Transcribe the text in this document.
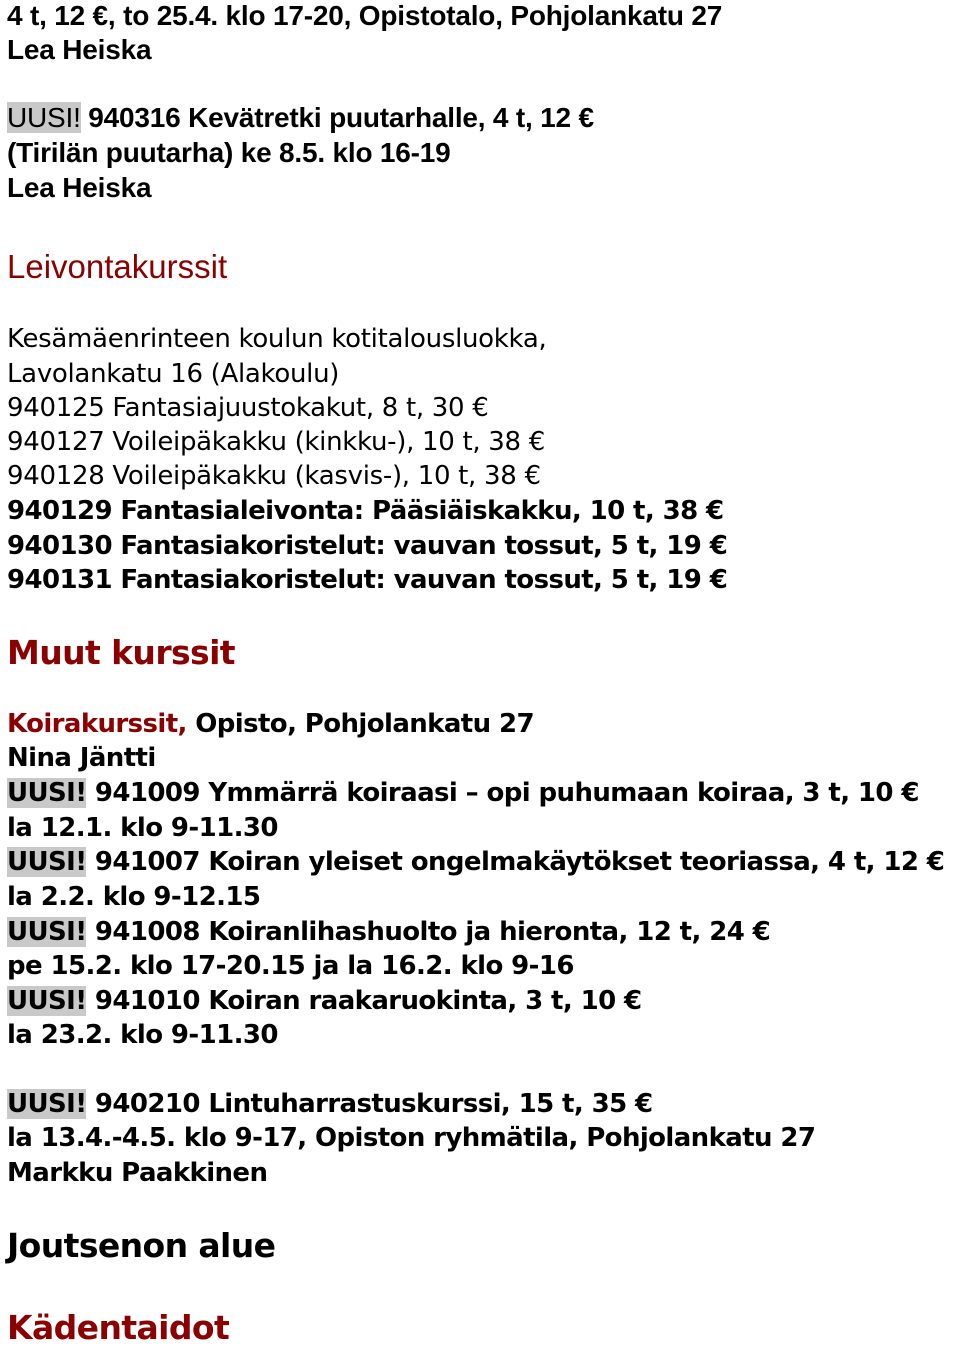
4 t, 12 €, to 25.4. klo 17-20, Opistotalo, Pohjolankatu 27
Lea Heiska
UUSI! 940316 Kevätretki puutarhalle, 4 t, 12 €
(Tirilän puutarha) ke 8.5. klo 16-19
Lea Heiska
Leivontakurssit
Kesämäenrinteen koulun kotitalousluokka,
Lavolankatu 16 (Alakoulu)
940125 Fantasiajuustokakut, 8 t, 30 €
940127 Voileipäkakku (kinkku-), 10 t, 38 €
940128 Voileipäkakku (kasvis-), 10 t, 38 €
940129 Fantasialeivonta: Pääsiäiskakku, 10 t, 38 €
940130 Fantasiakoristelut: vauvan tossut, 5 t, 19 €
940131 Fantasiakoristelut: vauvan tossut, 5 t, 19 €
Muut kurssit
Koirakurssit, Opisto, Pohjolankatu 27
Nina Jäntti
UUSI! 941009 Ymmärrä koiraasi – opi puhumaan koiraa, 3 t, 10 €
la 12.1. klo 9-11.30
UUSI! 941007 Koiran yleiset ongelmakäytökset teoriassa, 4 t, 12 €
la 2.2. klo 9-12.15
UUSI! 941008 Koiranlihashuolto ja hieronta, 12 t, 24 €
pe 15.2. klo 17-20.15 ja la 16.2. klo 9-16
UUSI! 941010 Koiran raakaruokinta, 3 t, 10 €
la 23.2. klo 9-11.30
UUSI! 940210 Lintuharrastuskurssi, 15 t, 35 €
la 13.4.-4.5. klo 9-17, Opiston ryhmätila, Pohjolankatu 27
Markku Paakkinen
Joutsenon alue
Kädentaidot
